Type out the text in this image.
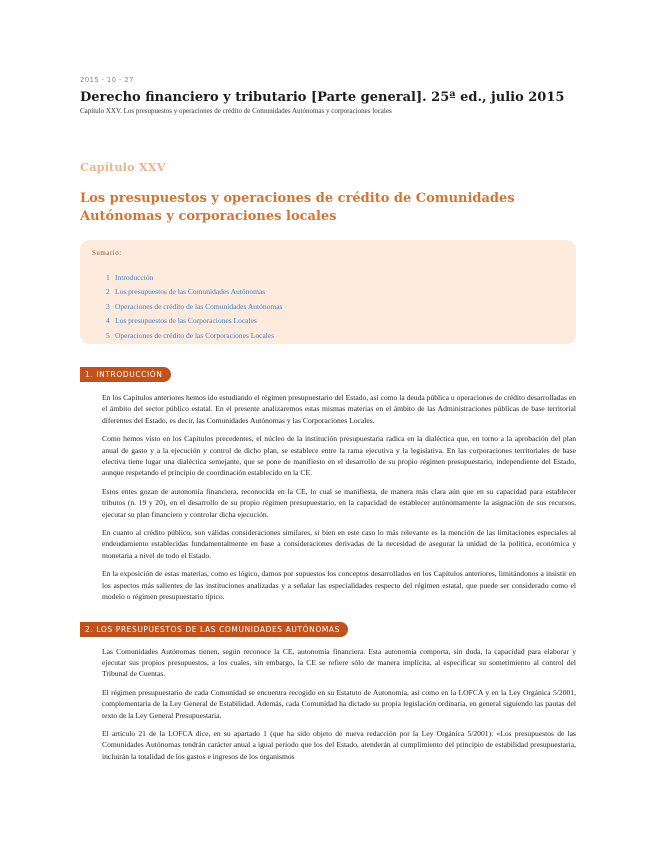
2015 - 10 - 27
Derecho financiero y tributario [Parte general]. 25ª ed., julio 2015
Capítulo XXV. Los presupuestos y operaciones de crédito de Comunidades Autónomas y corporaciones locales
Capítulo XXV
Los presupuestos y operaciones de crédito de Comunidades Autónomas y corporaciones locales
Sumario:
1 Introducción
2 Los presupuestos de las Comunidades Autónomas
3 Operaciones de crédito de las Comunidades Autónomas
4 Los presupuestos de las Corporaciones Locales
5 Operaciones de crédito de las Corporaciones Locales
1. INTRODUCCIÓN

En los Capítulos anteriores hemos ido estudiando el régimen presupuestario del Estado, así como la deuda pública u operaciones de crédito desarrolladas en el ámbito del sector público estatal. En el presente analizaremos estas mismas materias en el ámbito de las Administraciones públicas de base territorial diferentes del Estado, es decir, las Comunidades Autónomas y las Corporaciones Locales.

Como hemos visto en los Capítulos precedentes, el núcleo de la institución presupuestaria radica en la dialéctica que, en torno a la aprobación del plan anual de gasto y a la ejecución y control de dicho plan, se establece entre la rama ejecutiva y la legislativa. En las corporaciones territoriales de base electiva tiene lugar una dialéctica semejante, que se pone de manifiesto en el desarrollo de su propio régimen presupuestario, independiente del Estado, aunque respetando el principio de coordinación establecido en la CE.

Estos entes gozan de autonomía financiera, reconocida en la CE, lo cual se manifiesta, de manera más clara aún que en su capacidad para establecer tributos (n. 19 y 20), en el desarrollo de su propio régimen presupuestario, en la capacidad de establecer autónomamente la asignación de sus recursos, ejecutar su plan financiero y controlar dicha ejecución.

En cuanto al crédito público, son válidas consideraciones similares, si bien en este caso lo más relevante es la mención de las limitaciones especiales al endeudamiento establecidas fundamentalmente en base a consideraciones derivadas de la necesidad de asegurar la unidad de la política, económica y monetaria a nivel de todo el Estado.

En la exposición de estas materias, como es lógico, damos por supuestos los conceptos desarrollados en los Capítulos anteriores, limitándonos a insistir en los aspectos más salientes de las instituciones analizadas y a señalar las especialidades respecto del régimen estatal, que puede ser considerado como el modelo o régimen presupuestario típico.

2. LOS PRESUPUESTOS DE LAS COMUNIDADES AUTÓNOMAS

Las Comunidades Autónomas tienen, según reconoce la CE, autonomía financiera. Esta autonomía comporta, sin duda, la capacidad para elaborar y ejecutar sus propios presupuestos, a los cuales, sin embargo, la CE se refiere sólo de manera implícita, al especificar su sometimiento al control del Tribunal de Cuentas.

El régimen presupuestario de cada Comunidad se encuentra recogido en su Estatuto de Autonomía, así como en la LOFCA y en la Ley Orgánica 5/2001, complementaria de la Ley General de Estabilidad. Además, cada Comunidad ha dictado su propia legislación ordinaria, en general siguiendo las pautas del texto de la Ley General Presupuestaria.

El artículo 21 de la LOFCA dice, en su apartado 1 (que ha sido objeto de nueva redacción por la Ley Orgánica 5/2001): «Los presupuestos de las Comunidades Autónomas tendrán carácter anual a igual periodo que los del Estado, atenderán al cumplimiento del principio de estabilidad presupuestaria, incluirán la totalidad de los gastos e ingresos de los organismos
